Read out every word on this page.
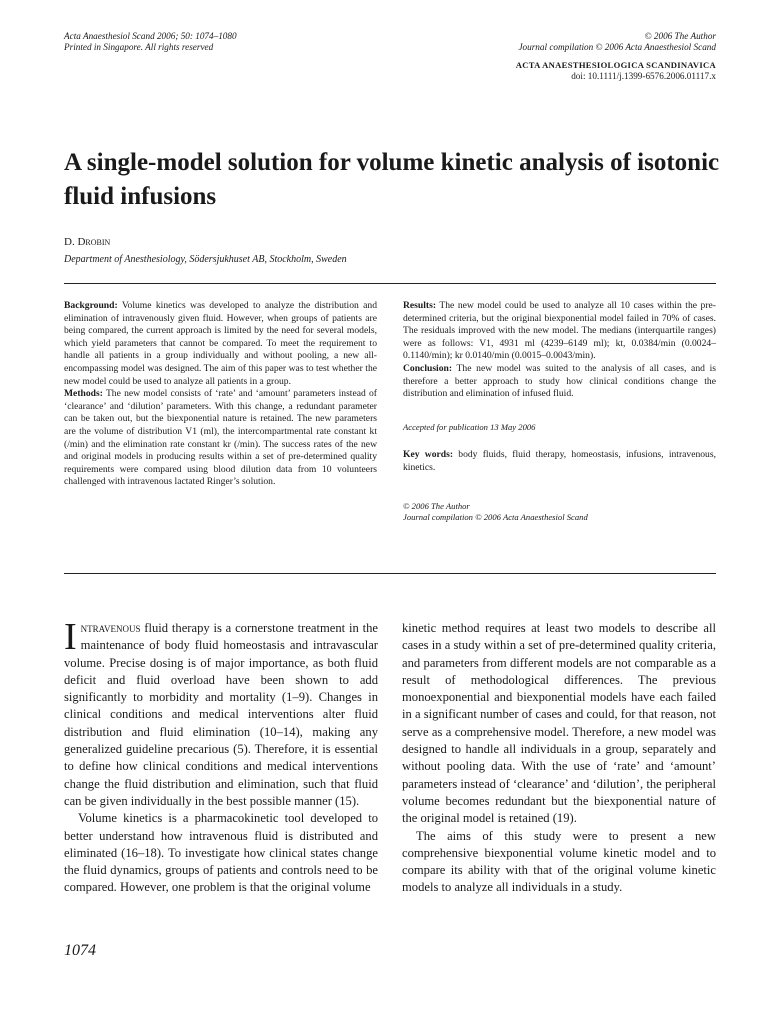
Acta Anaesthesiol Scand 2006; 50: 1074–1080
Printed in Singapore. All rights reserved
© 2006 The Author
Journal compilation © 2006 Acta Anaesthesiol Scand
ACTA ANAESTHESIOLOGICA SCANDINAVICA
doi: 10.1111/j.1399-6576.2006.01117.x
A single-model solution for volume kinetic analysis of isotonic fluid infusions
D. Drobin
Department of Anesthesiology, Södersjukhuset AB, Stockholm, Sweden

Background: Volume kinetics was developed to analyze the distribution and elimination of intravenously given fluid. However, when groups of patients are being compared, the current approach is limited by the need for several models, which yield parameters that cannot be compared. To meet the requirement to handle all patients in a group individually and without pooling, a new all-encompassing model was designed. The aim of this paper was to test whether the new model could be used to analyze all patients in a group.

Methods: The new model consists of ‘rate’ and ‘amount’ parameters instead of ‘clearance’ and ‘dilution’ parameters. With this change, a redundant parameter can be taken out, but the biexponential nature is retained. The new parameters are the volume of distribution V1 (ml), the intercompartmental rate constant kt (/min) and the elimination rate constant kr (/min). The success rates of the new and original models in producing results within a set of pre-determined quality requirements were compared using blood dilution data from 10 volunteers challenged with intravenous lactated Ringer’s solution.

Results: The new model could be used to analyze all 10 cases within the pre-determined criteria, but the original biexponential model failed in 70% of cases. The residuals improved with the new model. The medians (interquartile ranges) were as follows: V1, 4931 ml (4239–6149 ml); kt, 0.0384/min (0.0024–0.1140/min); kr 0.0140/min (0.0015–0.0043/min).

Conclusion: The new model was suited to the analysis of all cases, and is therefore a better approach to study how clinical conditions change the distribution and elimination of infused fluid.

Accepted for publication 13 May 2006

Key words: body fluids, fluid therapy, homeostasis, infusions, intravenous, kinetics.

© 2006 The Author
Journal compilation © 2006 Acta Anaesthesiol Scand

Intravenous fluid therapy is a cornerstone treatment in the maintenance of body fluid homeostasis and intravascular volume. Precise dosing is of major importance, as both fluid deficit and fluid overload have been shown to add significantly to morbidity and mortality (1–9). Changes in clinical conditions and medical interventions alter fluid distribution and fluid elimination (10–14), making any generalized guideline precarious (5). Therefore, it is essential to define how clinical conditions and medical interventions change the fluid distribution and elimination, such that fluid can be given individually in the best possible manner (15).

Volume kinetics is a pharmacokinetic tool developed to better understand how intravenous fluid is distributed and eliminated (16–18). To investigate how clinical states change the fluid dynamics, groups of patients and controls need to be compared. However, one problem is that the original volume

kinetic method requires at least two models to describe all cases in a study within a set of pre-determined quality criteria, and parameters from different models are not comparable as a result of methodological differences. The previous monoexponential and biexponential models have each failed in a significant number of cases and could, for that reason, not serve as a comprehensive model. Therefore, a new model was designed to handle all individuals in a group, separately and without pooling data. With the use of ‘rate’ and ‘amount’ parameters instead of ‘clearance’ and ‘dilution’, the peripheral volume becomes redundant but the biexponential nature of the original model is retained (19).

The aims of this study were to present a new comprehensive biexponential volume kinetic model and to compare its ability with that of the original volume kinetic models to analyze all individuals in a study.

1074
